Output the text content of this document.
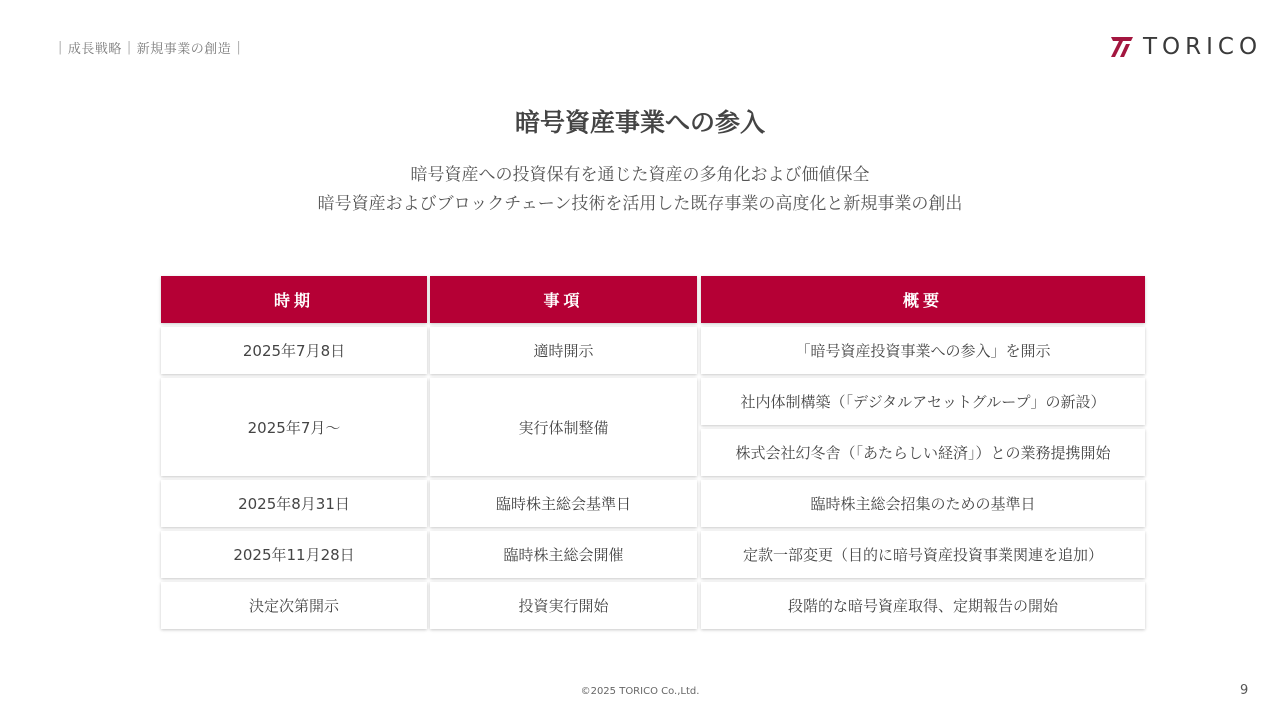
| 成長戦略 | 新規事業の創造 |	TORICO
暗号資産事業への参入
暗号資産への投資保有を通じた資産の多角化および価値保全
暗号資産およびブロックチェーン技術を活用した既存事業の高度化と新規事業の創出
時期	事項	概要
2025年7月8日	適時開示	「暗号資産投資事業への参入」を開示
2025年7月～	実行体制整備
社内体制構築（「デジタルアセットグループ」の新設）
株式会社幻冬舎（「あたらしい経済」）との業務提携開始
2025年8月31日	臨時株主総会基準日	臨時株主総会招集のための基準日
2025年11月28日	臨時株主総会開催	定款一部変更（目的に暗号資産投資事業関連を追加）
決定次第開示	投資実行開始	段階的な暗号資産取得、定期報告の開始
©2025 TORICO Co.,Ltd.	9
